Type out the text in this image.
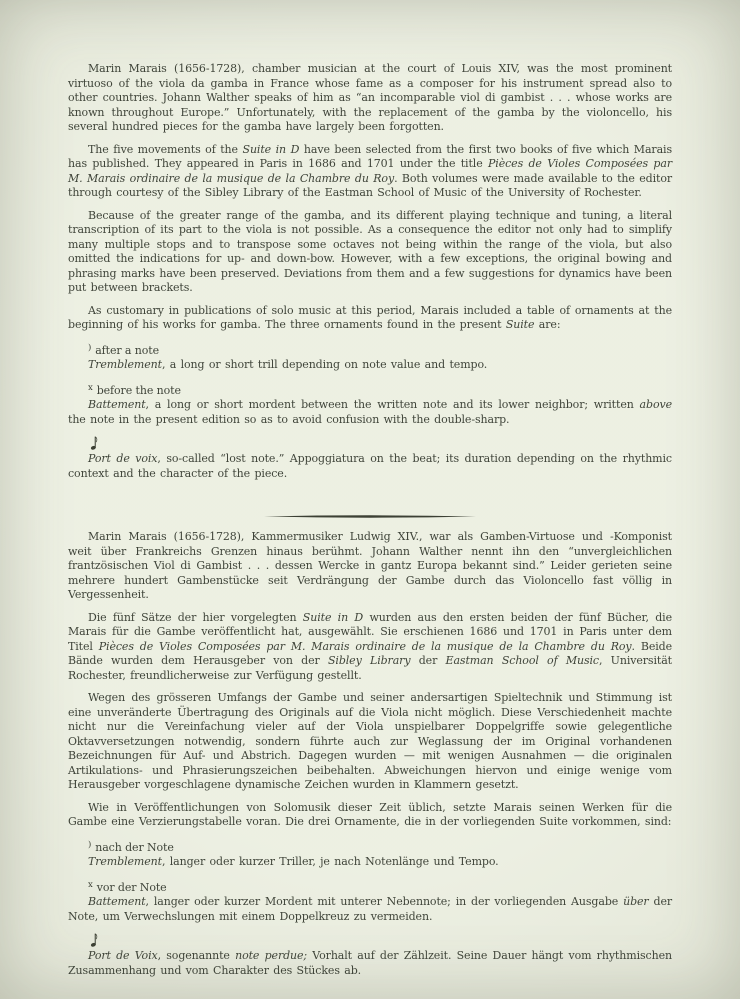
Marin Marais (1656-1728), chamber musician at the court of Louis XIV, was the most prominent virtuoso of the viola da gamba in France whose fame as a composer for his instrument spread also to other countries. Johann Walther speaks of him as “an incomparable viol di gambist . . . whose works are known throughout Europe.” Unfortunately, with the replacement of the gamba by the violoncello, his several hundred pieces for the gamba have largely been forgotten.

The five movements of the Suite in D have been selected from the first two books of five which Marais has published. They appeared in Paris in 1686 and 1701 under the title Pièces de Violes Composées par M. Marais ordinaire de la musique de la Chambre du Roy. Both volumes were made available to the editor through courtesy of the Sibley Library of the Eastman School of Music of the University of Rochester.

Because of the greater range of the gamba, and its different playing technique and tuning, a literal transcription of its part to the viola is not possible. As a consequence the editor not only had to simplify many multiple stops and to transpose some octaves not being within the range of the viola, but also omitted the indications for up- and down-bow. However, with a few exceptions, the original bowing and phrasing marks have been preserved. Deviations from them and a few suggestions for dynamics have been put between brackets.

As customary in publications of solo music at this period, Marais included a table of ornaments at the beginning of his works for gamba. The three ornaments found in the present Suite are:

) after a note

Tremblement, a long or short trill depending on note value and tempo.

x before the note

Battement, a long or short mordent between the written note and its lower neighbor; written above the note in the present edition so as to avoid confusion with the double-sharp.

Port de voix, so-called “lost note.” Appoggiatura on the beat; its duration depending on the rhythmic context and the character of the piece.

Marin Marais (1656-1728), Kammermusiker Ludwig XIV., war als Gamben-Virtuose und -Komponist weit über Frankreichs Grenzen hinaus berühmt. Johann Walther nennt ihn den “unvergleichlichen frantzösischen Viol di Gambist . . . dessen Wercke in gantz Europa bekannt sind.” Leider gerieten seine mehrere hundert Gambenstücke seit Verdrängung der Gambe durch das Violoncello fast völlig in Vergessenheit.

Die fünf Sätze der hier vorgelegten Suite in D wurden aus den ersten beiden der fünf Bücher, die Marais für die Gambe veröffentlicht hat, ausgewählt. Sie erschienen 1686 und 1701 in Paris unter dem Titel Pièces de Violes Composées par M. Marais ordinaire de la musique de la Chambre du Roy. Beide Bände wurden dem Herausgeber von der Sibley Library der Eastman School of Music, Universität Rochester, freundlicherweise zur Verfügung gestellt.

Wegen des grösseren Umfangs der Gambe und seiner andersartigen Spieltechnik und Stimmung ist eine unveränderte Übertragung des Originals auf die Viola nicht möglich. Diese Verschiedenheit machte nicht nur die Vereinfachung vieler auf der Viola unspielbarer Doppelgriffe sowie gelegentliche Oktavversetzungen notwendig, sondern führte auch zur Weglassung der im Original vorhandenen Bezeichnungen für Auf- und Abstrich. Dagegen wurden — mit wenigen Ausnahmen — die originalen Artikulations- und Phrasierungszeichen beibehalten. Abweichungen hiervon und einige wenige vom Herausgeber vorgeschlagene dynamische Zeichen wurden in Klammern gesetzt.

Wie in Veröffentlichungen von Solomusik dieser Zeit üblich, setzte Marais seinen Werken für die Gambe eine Verzierungstabelle voran. Die drei Ornamente, die in der vorliegenden Suite vorkommen, sind:

) nach der Note

Tremblement, langer oder kurzer Triller, je nach Notenlänge und Tempo.

x vor der Note

Battement, langer oder kurzer Mordent mit unterer Nebennote; in der vorliegenden Ausgabe über der Note, um Verwechslungen mit einem Doppelkreuz zu vermeiden.

Port de Voix, sogenannte note perdue; Vorhalt auf der Zählzeit. Seine Dauer hängt vom rhythmischen Zusammenhang und vom Charakter des Stückes ab.
